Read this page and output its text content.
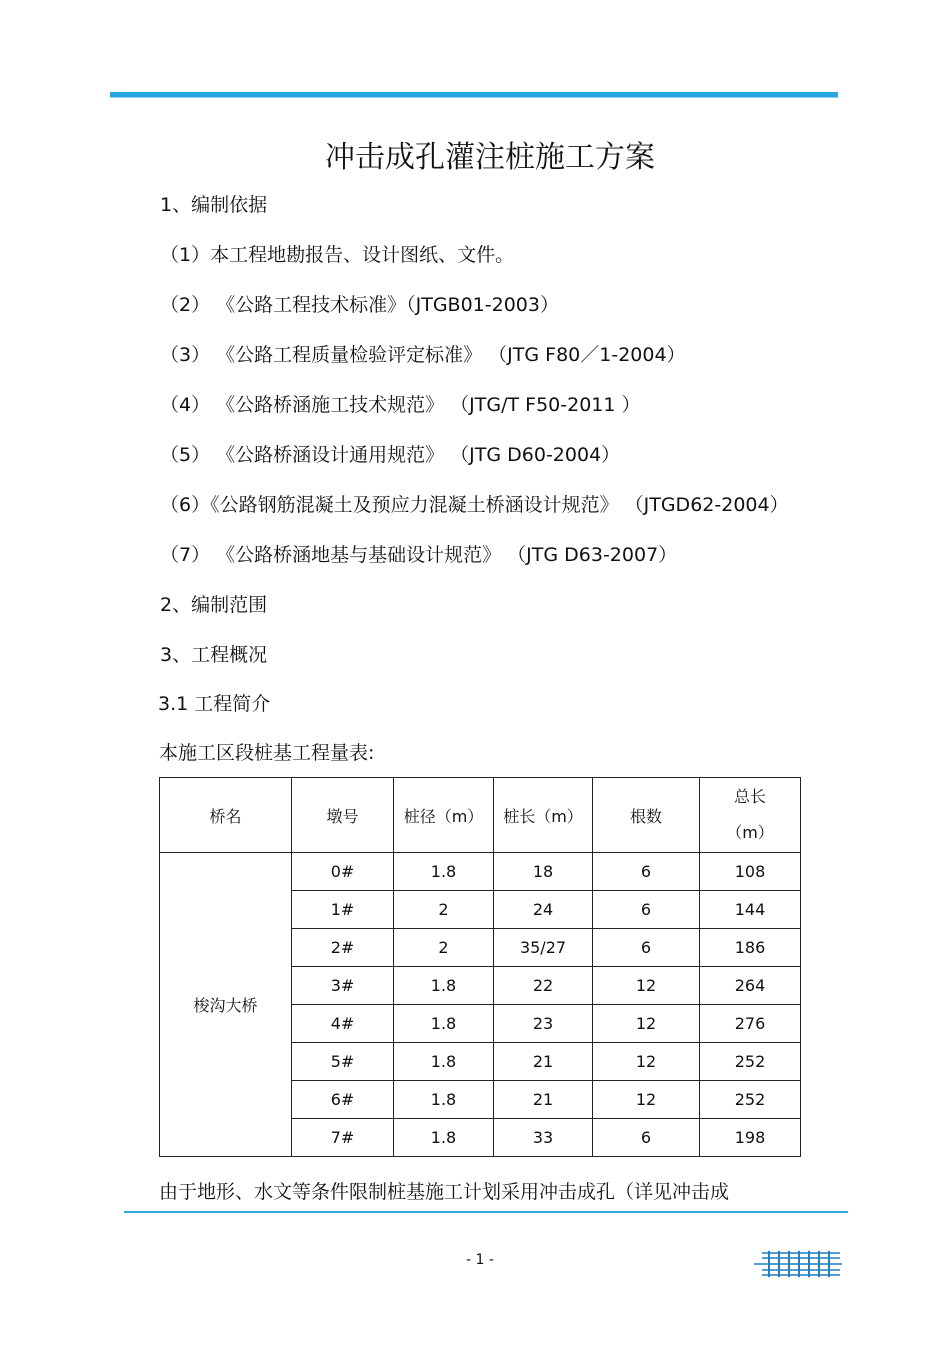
冲击成孔灌注桩施工方案
1、编制依据
（1）本工程地勘报告、设计图纸、文件。
（2） 《公路工程技术标准》（JTGB01-2003）
（3） 《公路工程质量检验评定标准》 （JTG F80／1-2004）
（4） 《公路桥涵施工技术规范》 （JTG/T F50-2011 ）
（5） 《公路桥涵设计通用规范》 （JTG D60-2004）
（6）《公路钢筋混凝土及预应力混凝土桥涵设计规范》 （JTGD62-2004）
（7） 《公路桥涵地基与基础设计规范》 （JTG D63-2007）
2、编制范围
3、工程概况
3.1 工程简介
本施工区段桩基工程量表:
桥名	墩号	桩径（m）	桩长（m）	根数	总长
（m）
梭沟大桥	0#	1.8	18	6	108
	1#	2	24	6	144
	2#	2	35/27	6	186
	3#	1.8	22	12	264
	4#	1.8	23	12	276
	5#	1.8	21	12	252
	6#	1.8	21	12	252
	7#	1.8	33	6	198
由于地形、水文等条件限制桩基施工计划采用冲击成孔（详见冲击成
- 1 -
